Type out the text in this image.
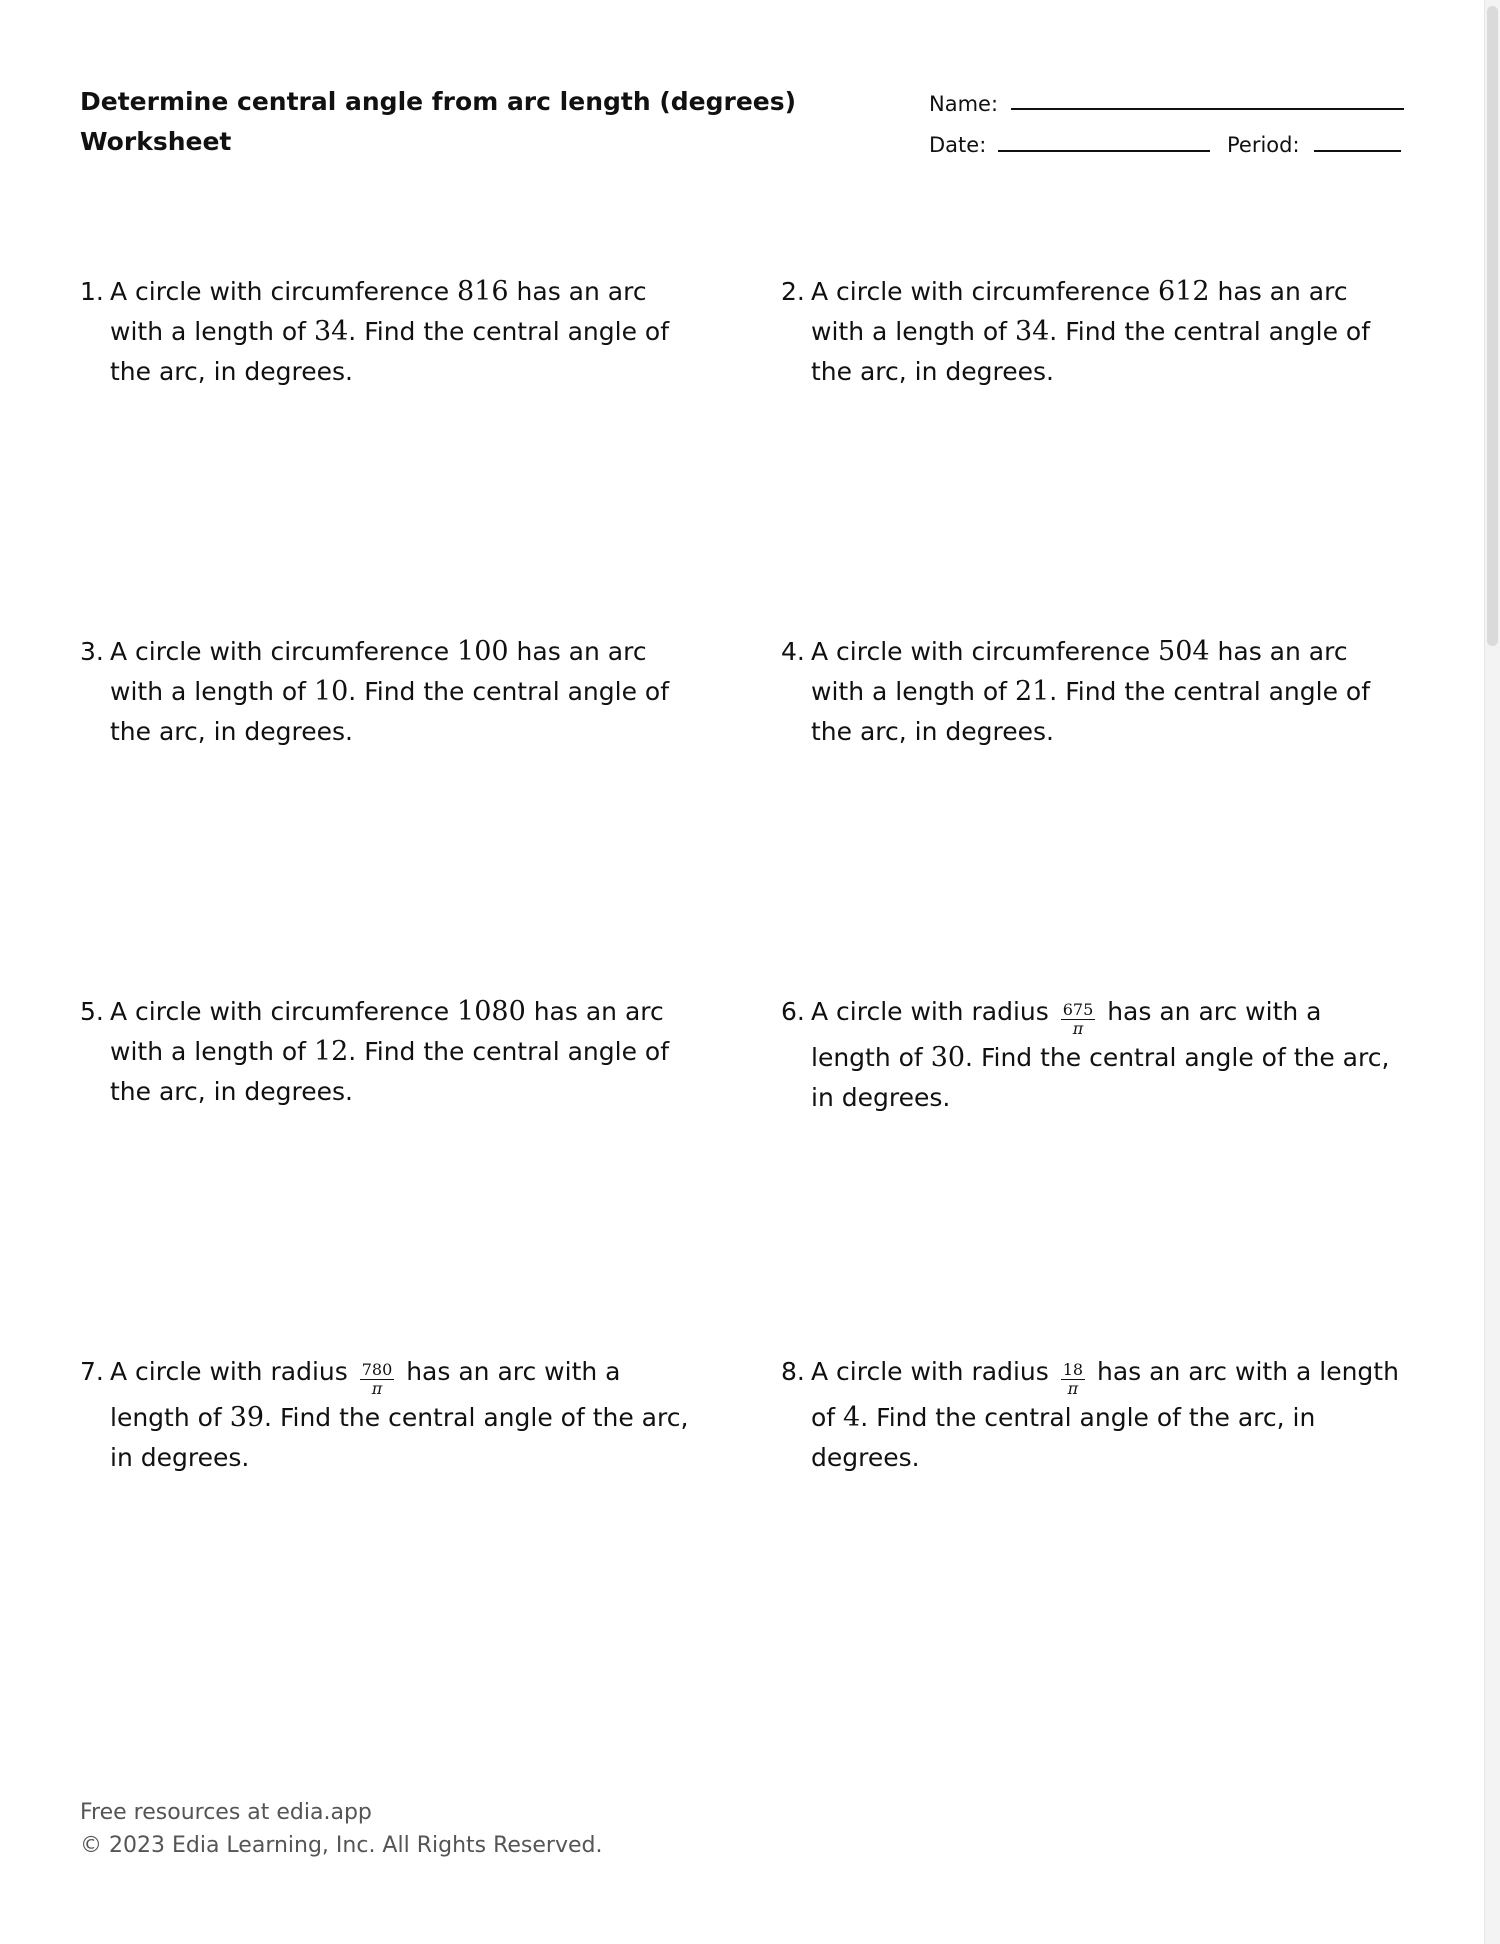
Determine central angle from arc length (degrees)
Worksheet
Name:
Date:	Period:
1. A circle with circumference 816 has an arc with a length of 34. Find the central angle of the arc, in degrees.
2. A circle with circumference 612 has an arc with a length of 34. Find the central angle of the arc, in degrees.
3. A circle with circumference 100 has an arc with a length of 10. Find the central angle of the arc, in degrees.
4. A circle with circumference 504 has an arc with a length of 21. Find the central angle of the arc, in degrees.
5. A circle with circumference 1080 has an arc with a length of 12. Find the central angle of the arc, in degrees.
6. A circle with radius $\frac{675}{\pi}$ has an arc with a length of 30. Find the central angle of the arc, in degrees.
7. A circle with radius $\frac{780}{\pi}$ has an arc with a length of 39. Find the central angle of the arc, in degrees.
8. A circle with radius $\frac{18}{\pi}$ has an arc with a length of 4. Find the central angle of the arc, in degrees.
Free resources at edia.app
© 2023 Edia Learning, Inc. All Rights Reserved.
